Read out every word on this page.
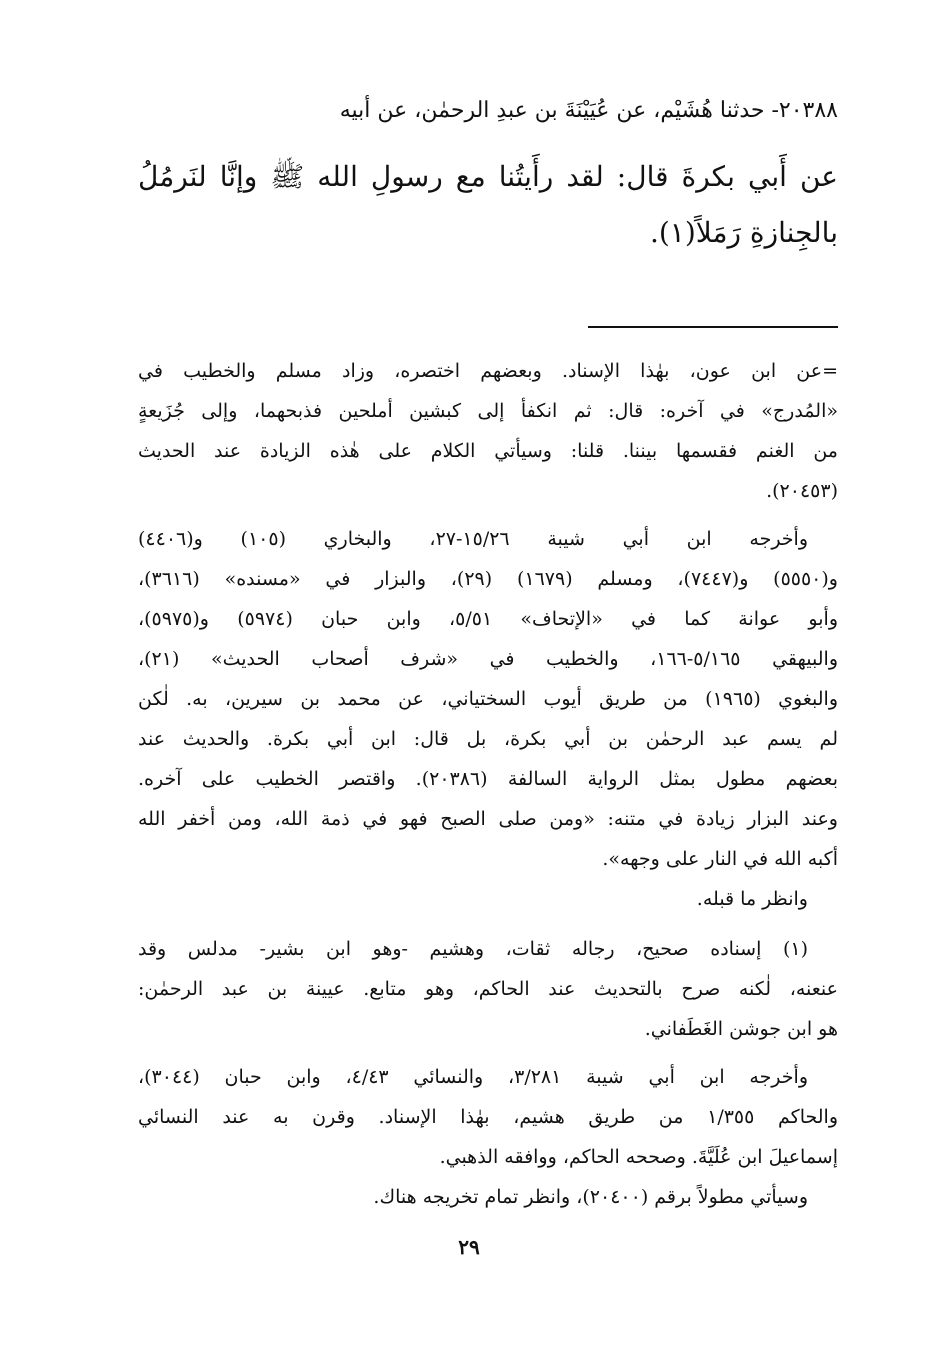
٢٠٣٨٨- حدثنا هُشَيْم، عن عُيَيْنَةَ بن عبدِ الرحمٰن، عن أبيه
عن أَبي بكرةَ قال: لقد رأَيتُنا مع رسولِ الله ﷺ وإنَّا لنَرمُلُ
بالجِنازةِ رَمَلاً(١).
=عن ابن عون، بهٰذا الإسناد. وبعضهم اختصره، وزاد مسلم والخطيب في
«المُدرج» في آخره: قال: ثم انكفأ إلى كبشين أملحين فذبحهما، وإلى جُزَيعةٍ
من الغنم فقسمها بيننا. قلنا: وسيأتي الكلام على هٰذه الزيادة عند الحديث
(٢٠٤٥٣).
وأخرجه ابن أبي شيبة ١٥/٢٦-٢٧، والبخاري (١٠٥) و(٤٤٠٦)
و(٥٥٥٠) و(٧٤٤٧)، ومسلم (١٦٧٩) (٢٩)، والبزار في «مسنده» (٣٦١٦)،
وأبو عوانة كما في «الإتحاف» ٥/٥١، وابن حبان (٥٩٧٤) و(٥٩٧٥)،
والبيهقي ٥/١٦٥-١٦٦، والخطيب في «شرف أصحاب الحديث» (٢١)،
والبغوي (١٩٦٥) من طريق أيوب السختياني، عن محمد بن سيرين، به. لٰكن
لم يسم عبد الرحمٰن بن أبي بكرة، بل قال: ابن أبي بكرة. والحديث عند
بعضهم مطول بمثل الرواية السالفة (٢٠٣٨٦). واقتصر الخطيب على آخره.
وعند البزار زيادة في متنه: «ومن صلى الصبح فهو في ذمة الله، ومن أخفر الله
أكبه الله في النار على وجهه».
وانظر ما قبله.
(١) إسناده صحيح، رجاله ثقات، وهشيم -وهو ابن بشير- مدلس وقد
عنعنه، لٰكنه صرح بالتحديث عند الحاكم، وهو متابع. عيينة بن عبد الرحمٰن:
هو ابن جوشن الغَطَفاني.
وأخرجه ابن أبي شيبة ٣/٢٨١، والنسائي ٤/٤٣، وابن حبان (٣٠٤٤)،
والحاكم ١/٣٥٥ من طريق هشيم، بهٰذا الإسناد. وقرن به عند النسائي
إسماعيلَ ابن عُلَيَّةَ. وصححه الحاكم، ووافقه الذهبي.
وسيأتي مطولاً برقم (٢٠٤٠٠)، وانظر تمام تخريجه هناك.
٢٩
